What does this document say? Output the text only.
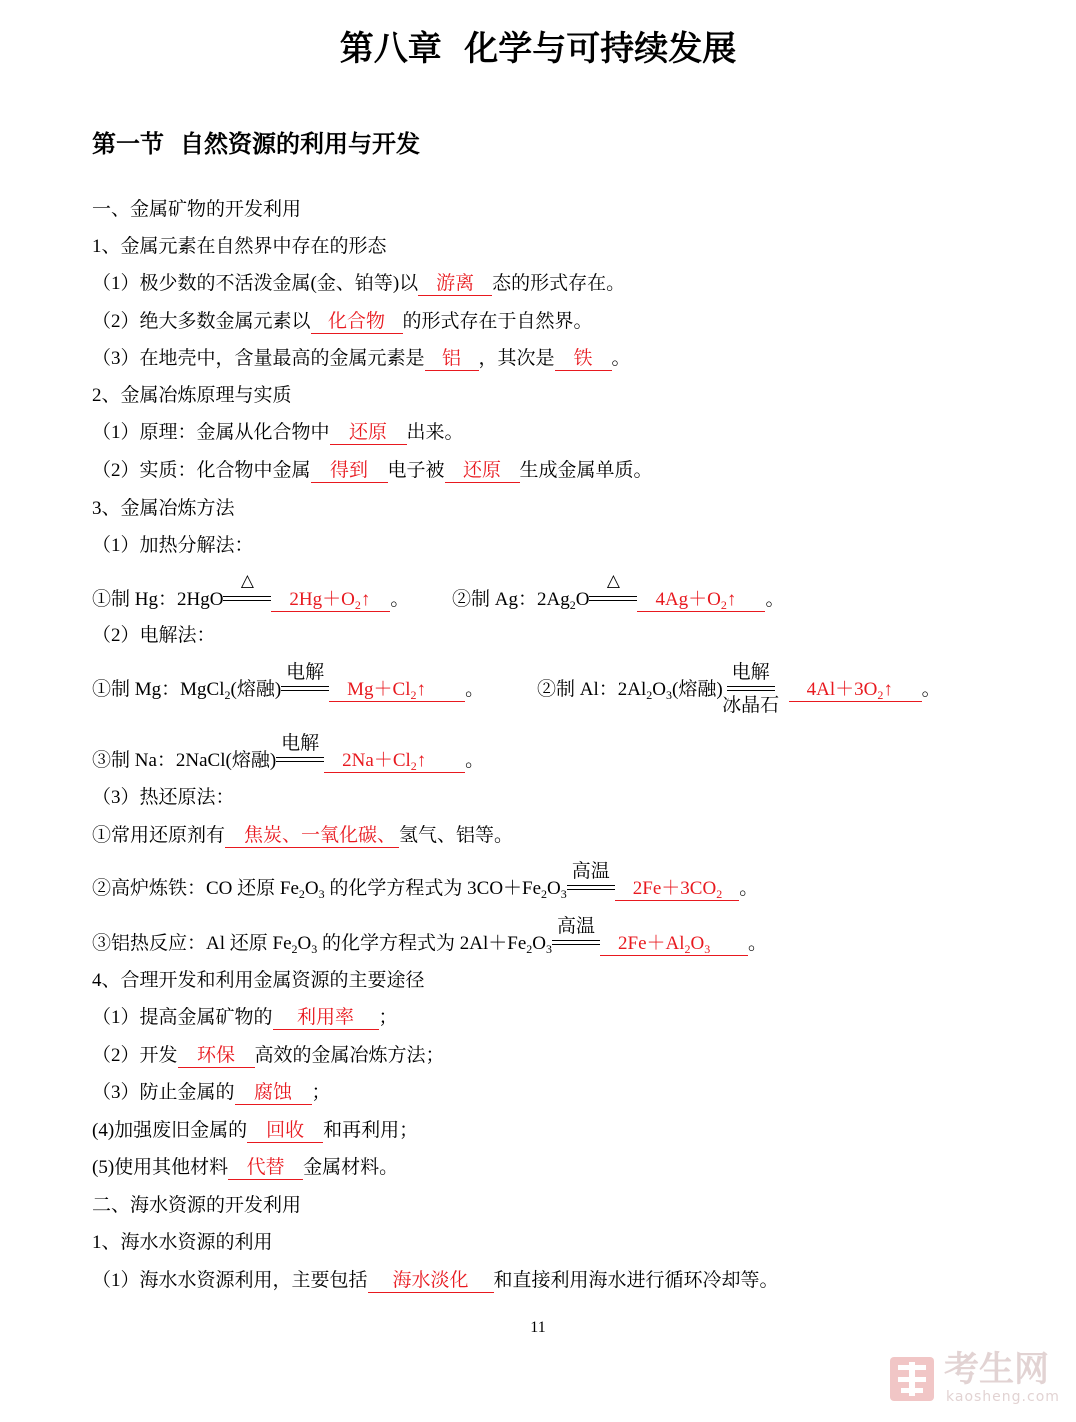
第八章 化学与可持续发展
第一节 自然资源的利用与开发
一、金属矿物的开发利用
1、金属元素在自然界中存在的形态
（1）极少数的不活泼金属(金、铂等)以 游离 态的形式存在。
（2）绝大多数金属元素以 化合物 的形式存在于自然界。
（3）在地壳中，含量最高的金属元素是 铝 ，其次是 铁 。
2、金属冶炼原理与实质
（1）原理：金属从化合物中 还原 出来。
（2）实质：化合物中金属 得到 电子被 还原 生成金属单质。
3、金属冶炼方法
（1）加热分解法：
①制 Hg：2HgO
△
$2Hg+O_2↑$ 。 ②制 Ag：$2Ag_2O$
△
$4Ag+O_2↑$ 。
（2）电解法：
①制 Mg：MgCl$_2$(熔融)
电解
$Mg+Cl_2↑$ 。	②制 Al：$2Al_2O_3$(熔融)
电解
冰晶石
$4Al+3O_2↑$ 。
③制 Na：2NaCl(熔融)
电解
$2Na+Cl_2↑$ 。
（3）热还原法：
①常用还原剂有 焦炭、一氧化碳、 氢气、铝等。
②高炉炼铁：CO 还原 $Fe_2O_3$ 的化学方程式为 $3CO+Fe_2O_3$
高温
$2Fe+3CO_2$ 。
③铝热反应：Al 还原 $Fe_2O_3$ 的化学方程式为 $2Al+Fe_2O_3$
高温
$2Fe+Al_2O_3$ 。
4、合理开发和利用金属资源的主要途径
（1）提高金属矿物的 利用率 ；
（2）开发 环保 高效的金属冶炼方法；
（3）防止金属的 腐蚀 ；
(4)加强废旧金属的 回收 和再利用；
(5)使用其他材料 代替 金属材料。
二、海水资源的开发利用
1、海水水资源的利用
（1）海水水资源利用，主要包括 海水淡化 和直接利用海水进行循环冷却等。
11
考生网
kaosheng.com
